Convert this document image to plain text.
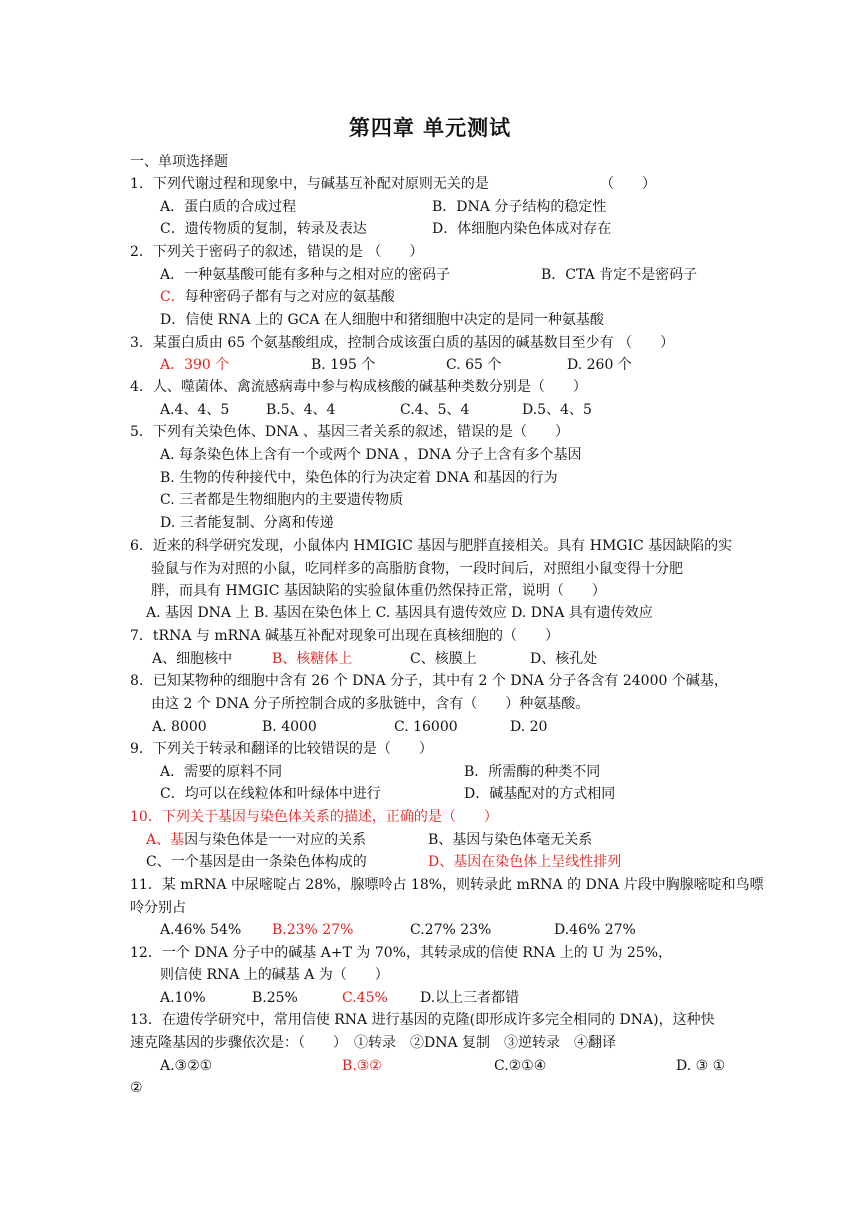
第四章 单元测试
一、单项选择题
1．下列代谢过程和现象中，与碱基互补配对原则无关的是	（　　）
A．蛋白质的合成过程	B．DNA 分子结构的稳定性
C．遗传物质的复制，转录及表达	D．体细胞内染色体成对存在
2．下列关于密码子的叙述，错误的是 （　　）
A．一种氨基酸可能有多种与之相对应的密码子	B．CTA 肯定不是密码子
C．每种密码子都有与之对应的氨基酸
D．信使 RNA 上的 GCA 在人细胞中和猪细胞中决定的是同一种氨基酸
3．某蛋白质由 65 个氨基酸组成，控制合成该蛋白质的基因的碱基数目至少有 （　　）
A．390 个	B. 195 个	C. 65 个	D. 260 个
4．人、噬菌体、禽流感病毒中参与构成核酸的碱基种类数分别是（　　）
A.4、4、5	B.5、4、4	C.4、5、4	D.5、4、5
5．下列有关染色体、DNA 、基因三者关系的叙述，错误的是（　　）
A. 每条染色体上含有一个或两个 DNA ，DNA 分子上含有多个基因
B. 生物的传种接代中，染色体的行为决定着 DNA 和基因的行为
C. 三者都是生物细胞内的主要遗传物质
D. 三者能复制、分离和传递
6．近来的科学研究发现，小鼠体内 HMIGIC 基因与肥胖直接相关。具有 HMGIC 基因缺陷的实
验鼠与作为对照的小鼠，吃同样多的高脂肪食物，一段时间后，对照组小鼠变得十分肥
胖，而具有 HMGIC 基因缺陷的实验鼠体重仍然保持正常，说明（　　）
A. 基因 DNA 上 B. 基因在染色体上 C. 基因具有遗传效应 D. DNA 具有遗传效应
7．tRNA 与 mRNA 碱基互补配对现象可出现在真核细胞的（　　）
A、细胞核中	B、核糖体上	C、核膜上	D、核孔处
8．已知某物种的细胞中含有 26 个 DNA 分子，其中有 2 个 DNA 分子各含有 24000 个碱基，
由这 2 个 DNA 分子所控制合成的多肽链中，含有（　　）种氨基酸。
A. 8000	B. 4000	C. 16000	D. 20
9．下列关于转录和翻译的比较错误的是（　　）
A．需要的原料不同	B．所需酶的种类不同
C．均可以在线粒体和叶绿体中进行	D．碱基配对的方式相同
10．下列关于基因与染色体关系的描述，正确的是（　　）
A、基因与染色体是一一对应的关系	B、基因与染色体毫无关系
C、一个基因是由一条染色体构成的	D、基因在染色体上呈线性排列
11．某 mRNA 中尿嘧啶占 28%，腺嘌呤占 18%，则转录此 mRNA 的 DNA 片段中胸腺嘧啶和鸟嘌
呤分别占
A.46% 54% B.23% 27%	C.27% 23%	D.46% 27%
12．一个 DNA 分子中的碱基 A+T 为 70%，其转录成的信使 RNA 上的 U 为 25%，
则信使 RNA 上的碱基 A 为（　　）
A.10%	B.25%	C.45% D.以上三者都错
13．在遗传学研究中，常用信使 RNA 进行基因的克隆(即形成许多完全相同的 DNA)，这种快
速克隆基因的步骤依次是：（　　）　①转录　②DNA 复制　③逆转录　④翻译
A.③②①	B.③②	C.②①④	D. ③ ①
②
